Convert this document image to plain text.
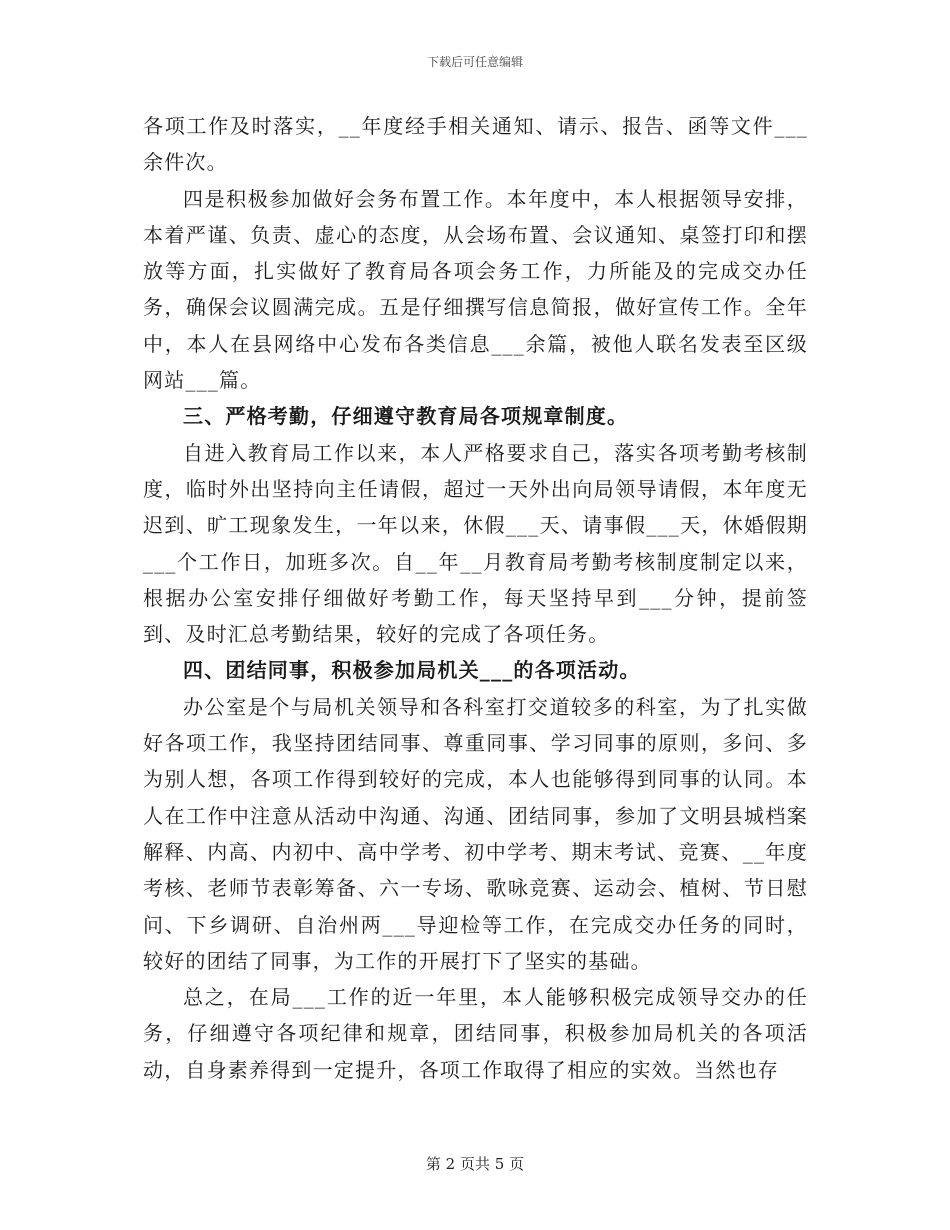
下载后可任意编辑

各项工作及时落实，__年度经手相关通知、请示、报告、函等文件___余件次。

四是积极参加做好会务布置工作。本年度中，本人根据领导安排，本着严谨、负责、虚心的态度，从会场布置、会议通知、桌签打印和摆放等方面，扎实做好了教育局各项会务工作，力所能及的完成交办任务，确保会议圆满完成。五是仔细撰写信息简报，做好宣传工作。全年中，本人在县网络中心发布各类信息___余篇，被他人联名发表至区级网站___篇。

三、严格考勤，仔细遵守教育局各项规章制度。

自进入教育局工作以来，本人严格要求自己，落实各项考勤考核制度，临时外出坚持向主任请假，超过一天外出向局领导请假，本年度无迟到、旷工现象发生，一年以来，休假___天、请事假___天，休婚假期___个工作日，加班多次。自__年__月教育局考勤考核制度制定以来，根据办公室安排仔细做好考勤工作，每天坚持早到___分钟，提前签到、及时汇总考勤结果，较好的完成了各项任务。

四、团结同事，积极参加局机关___的各项活动。

办公室是个与局机关领导和各科室打交道较多的科室，为了扎实做好各项工作，我坚持团结同事、尊重同事、学习同事的原则，多问、多为别人想，各项工作得到较好的完成，本人也能够得到同事的认同。本人在工作中注意从活动中沟通、沟通、团结同事，参加了文明县城档案解释、内高、内初中、高中学考、初中学考、期末考试、竞赛、__年度考核、老师节表彰筹备、六一专场、歌咏竞赛、运动会、植树、节日慰问、下乡调研、自治州两___导迎检等工作，在完成交办任务的同时，较好的团结了同事，为工作的开展打下了坚实的基础。

总之，在局___工作的近一年里，本人能够积极完成领导交办的任务，仔细遵守各项纪律和规章，团结同事，积极参加局机关的各项活动，自身素养得到一定提升，各项工作取得了相应的实效。当然也存

第 2 页共 5 页
